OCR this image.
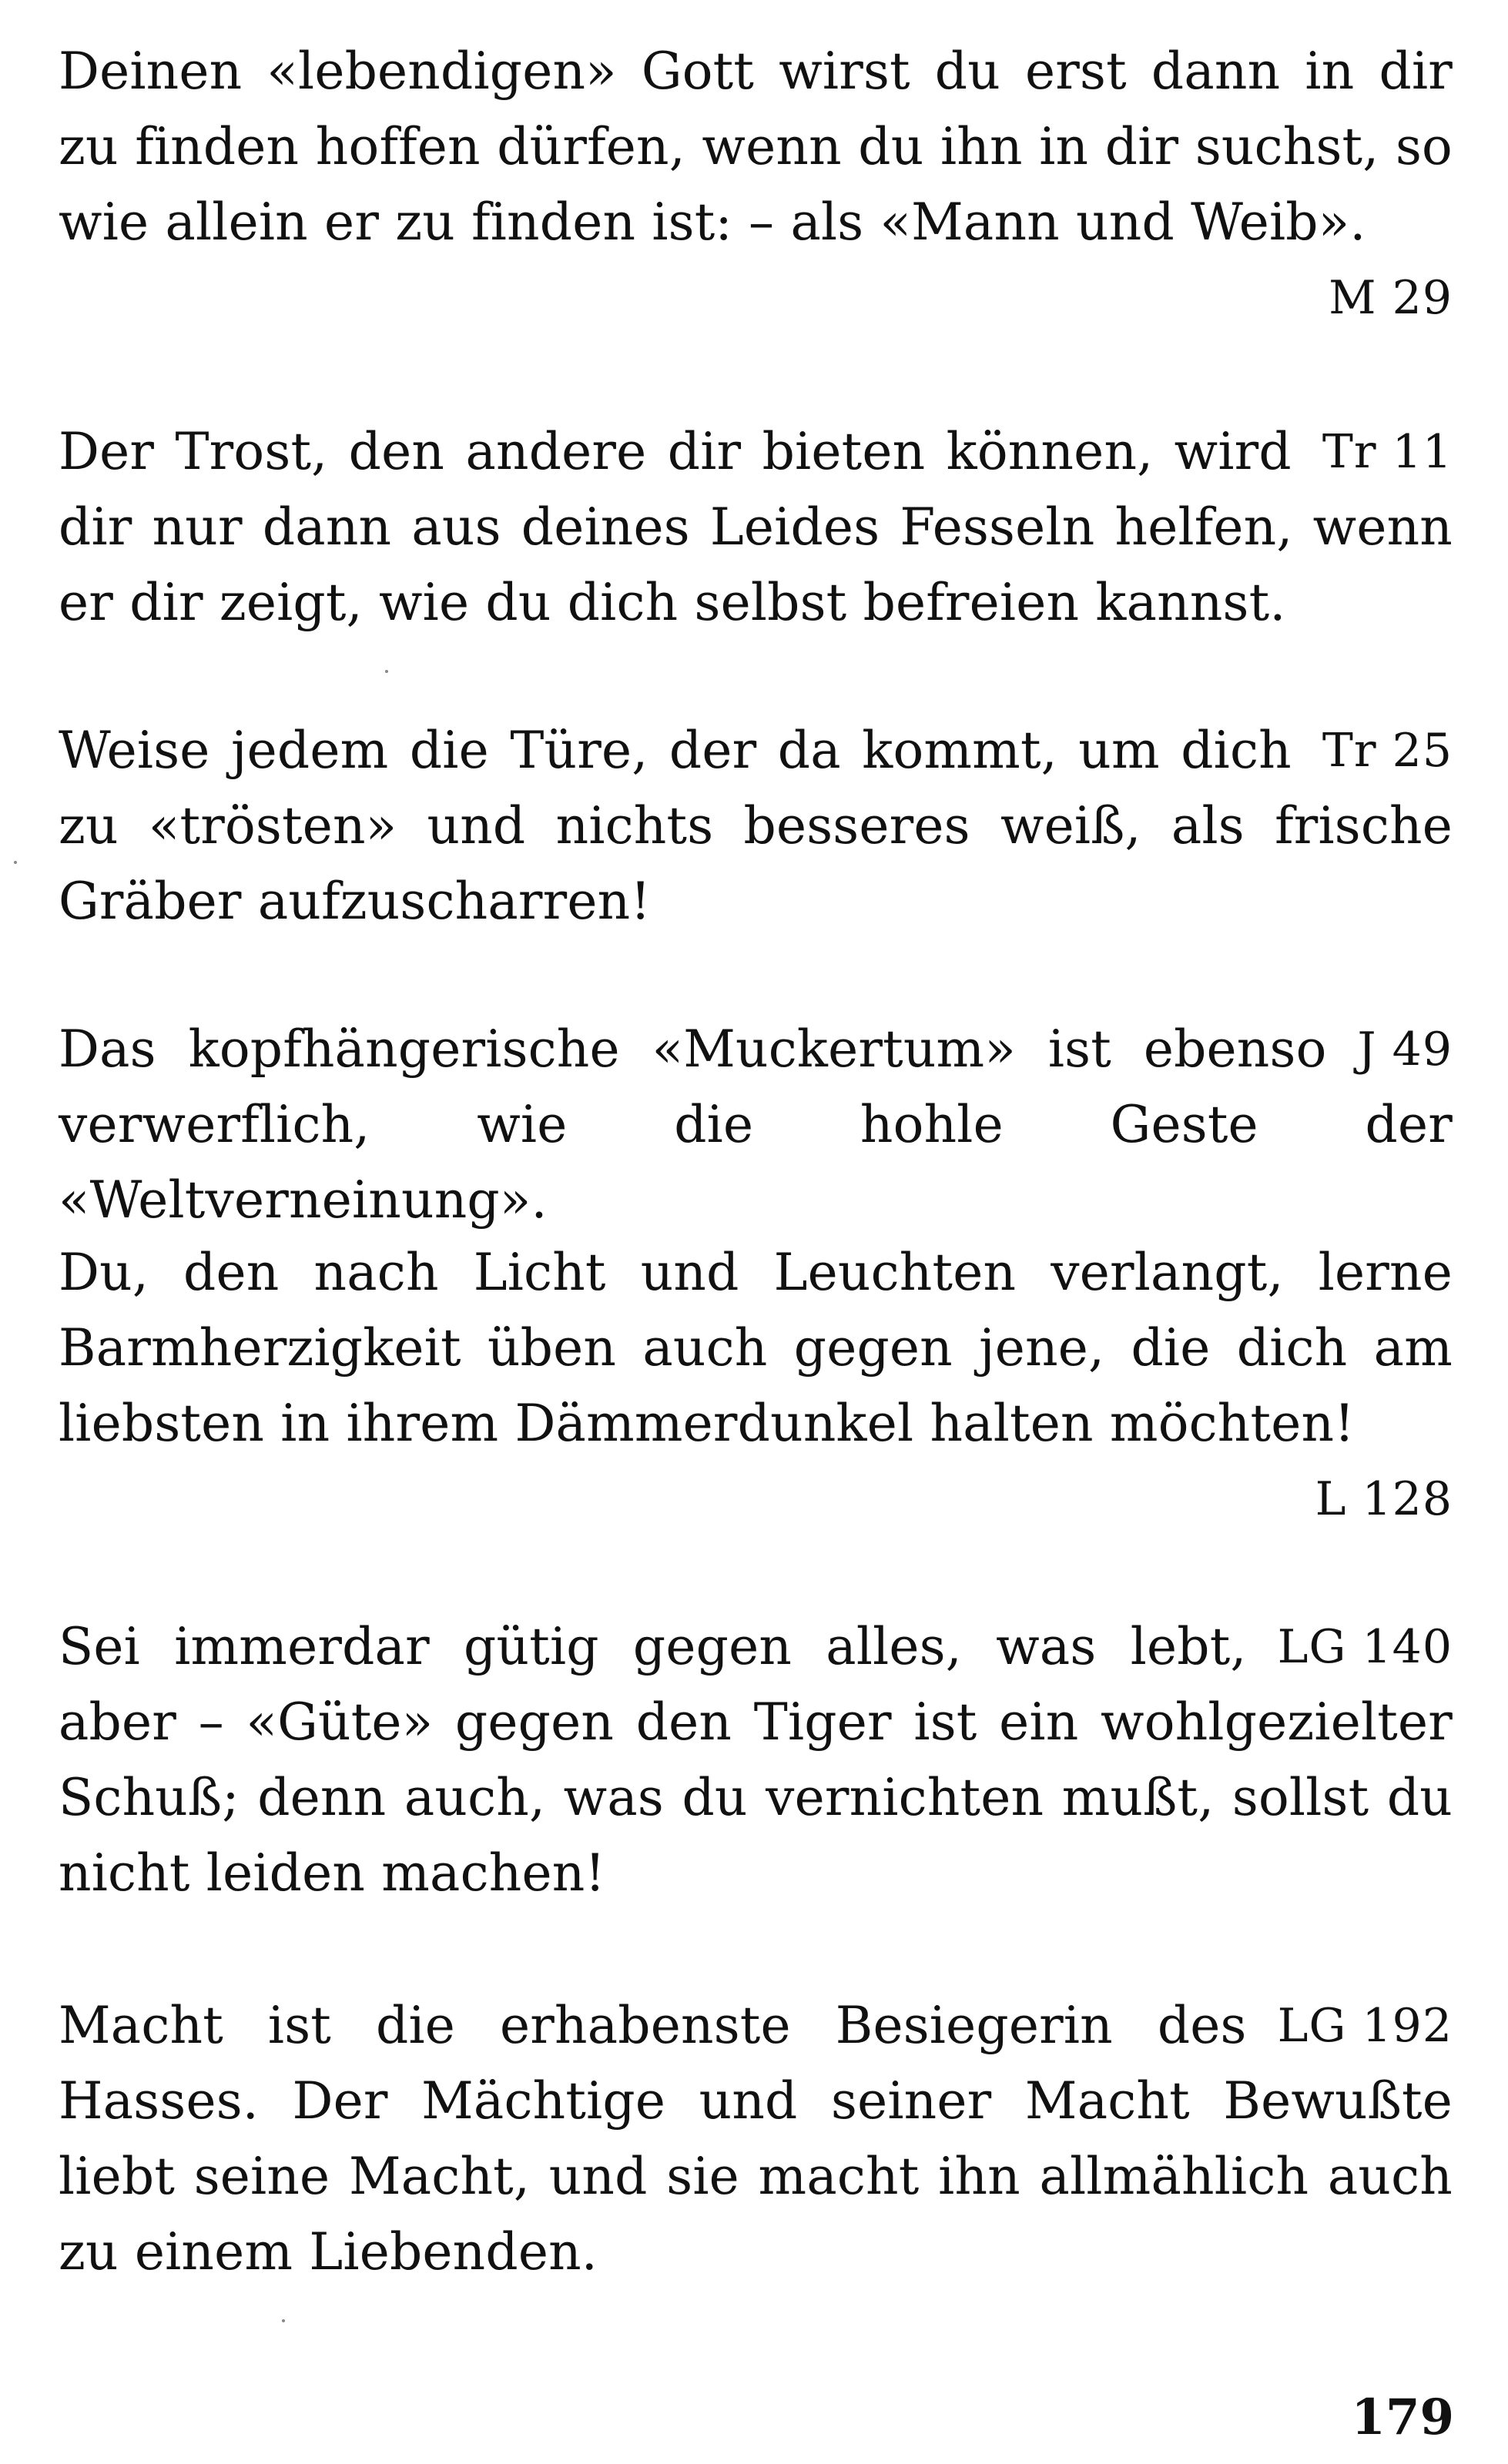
Deinen «lebendigen» Gott wirst du erst dann in dir zu finden hoffen dürfen, wenn du ihn in dir suchst, so wie allein er zu finden ist: – als «Mann und Weib».

M 29

Tr 11
Der Trost, den andere dir bieten können, wird dir nur dann aus deines Leides Fesseln helfen, wenn er dir zeigt, wie du dich selbst befreien kannst.

Tr 25
Weise jedem die Türe, der da kommt, um dich zu «trösten» und nichts besseres weiß, als frische Gräber aufzuscharren!

J 49
Das kopfhängerische «Muckertum» ist ebenso verwerflich, wie die hohle Geste der «Weltverneinung».

Du, den nach Licht und Leuchten verlangt, lerne Barmherzigkeit üben auch gegen jene, die dich am liebsten in ihrem Dämmerdunkel halten möchten!

L 128

LG 140
Sei immerdar gütig gegen alles, was lebt, aber – «Güte» gegen den Tiger ist ein wohlgezielter Schuß; denn auch, was du vernichten mußt, sollst du nicht leiden machen!

LG 192
Macht ist die erhabenste Besiegerin des Hasses. Der Mächtige und seiner Macht Bewußte liebt seine Macht, und sie macht ihn allmählich auch zu einem Liebenden.

179
